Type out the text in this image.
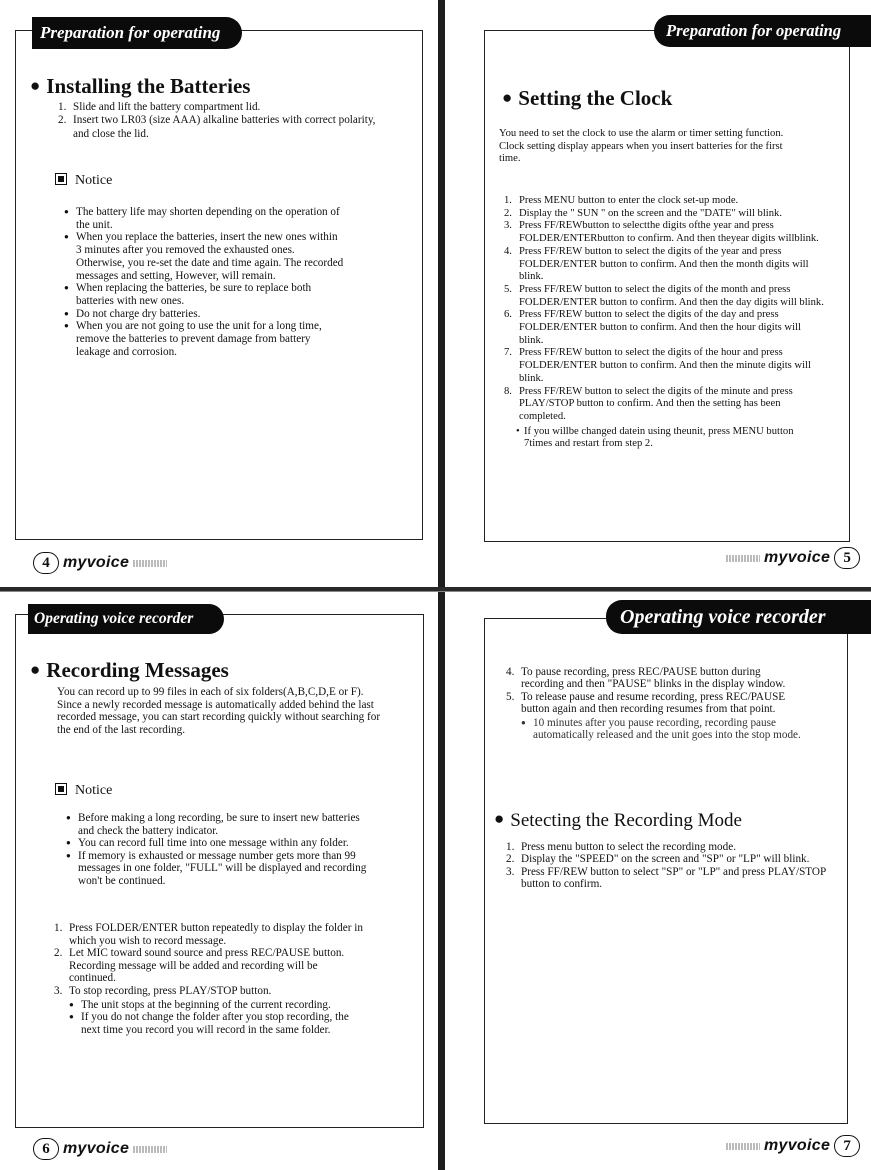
Preparation for operating
● Installing the Batteries
1. Slide and lift the battery compartment lid.
2. Insert two LR03 (size AAA) alkaline batteries with correct polarity, and close the lid.
Notice
● The battery life may shorten depending on the operation of the unit.
● When you replace the batteries, insert the new ones within 3 minutes after you removed the exhausted ones. Otherwise, you re-set the date and time again. The recorded messages and setting, However, will remain.
● When replacing the batteries, be sure to replace both batteries with new ones.
● Do not charge dry batteries.
● When you are not going to use the unit for a long time, remove the batteries to prevent damage from battery leakage and corrosion.
4 myvoice
Preparation for operating
● Setting the Clock

You need to set the clock to use the alarm or timer setting function.

Clock setting display appears when you insert batteries for the first time.

1. Press MENU button to enter the clock set-up mode.
2. Display the " SUN " on the screen and the "DATE" will blink.
3. Press FF/REWbutton to selectthe digits ofthe year and press FOLDER/ENTERbutton to confirm. And then theyear digits willblink.
4. Press FF/REW button to select the digits of the year and press FOLDER/ENTER button to confirm. And then the month digits will blink.
5. Press FF/REW button to select the digits of the month and press FOLDER/ENTER button to confirm. And then the day digits will blink.
6. Press FF/REW button to select the digits of the day and press FOLDER/ENTER button to confirm. And then the hour digits will blink.
7. Press FF/REW button to select the digits of the hour and press FOLDER/ENTER button to confirm. And then the minute digits will blink.
8. Press FF/REW button to select the digits of the minute and press PLAY/STOP button to confirm. And then the setting has been completed.
• If you willbe changed datein using theunit, press MENU button 7times and restart from step 2.
myvoice 5
Operating voice recorder
● Recording Messages

You can record up to 99 files in each of six folders(A,B,C,D,E or F).

Since a newly recorded message is automatically added behind the last recorded message, you can start recording quickly without searching for the end of the last recording.

Notice
● Before making a long recording, be sure to insert new batteries and check the battery indicator.
● You can record full time into one message within any folder.
● If memory is exhausted or message number gets more than 99 messages in one folder, "FULL" will be displayed and recording won't be continued.
1. Press FOLDER/ENTER button repeatedly to display the folder in which you wish to record message.
2. Let MIC toward sound source and press REC/PAUSE button. Recording message will be added and recording will be continued.
3. To stop recording, press PLAY/STOP button.
● The unit stops at the beginning of the current recording.
● If you do not change the folder after you stop recording, the next time you record you will record in the same folder.
6 myvoice
Operating voice recorder
4. To pause recording, press REC/PAUSE button during recording and then "PAUSE" blinks in the display window.
5. To release pause and resume recording, press REC/PAUSE button again and then recording resumes from that point.
● 10 minutes after you pause recording, recording pause automatically released and the unit goes into the stop mode.
● Setecting the Recording Mode
1. Press menu button to select the recording mode.
2. Display the "SPEED" on the screen and "SP" or "LP" will blink.
3. Press FF/REW button to select "SP" or "LP" and press PLAY/STOP button to confirm.
myvoice 7
